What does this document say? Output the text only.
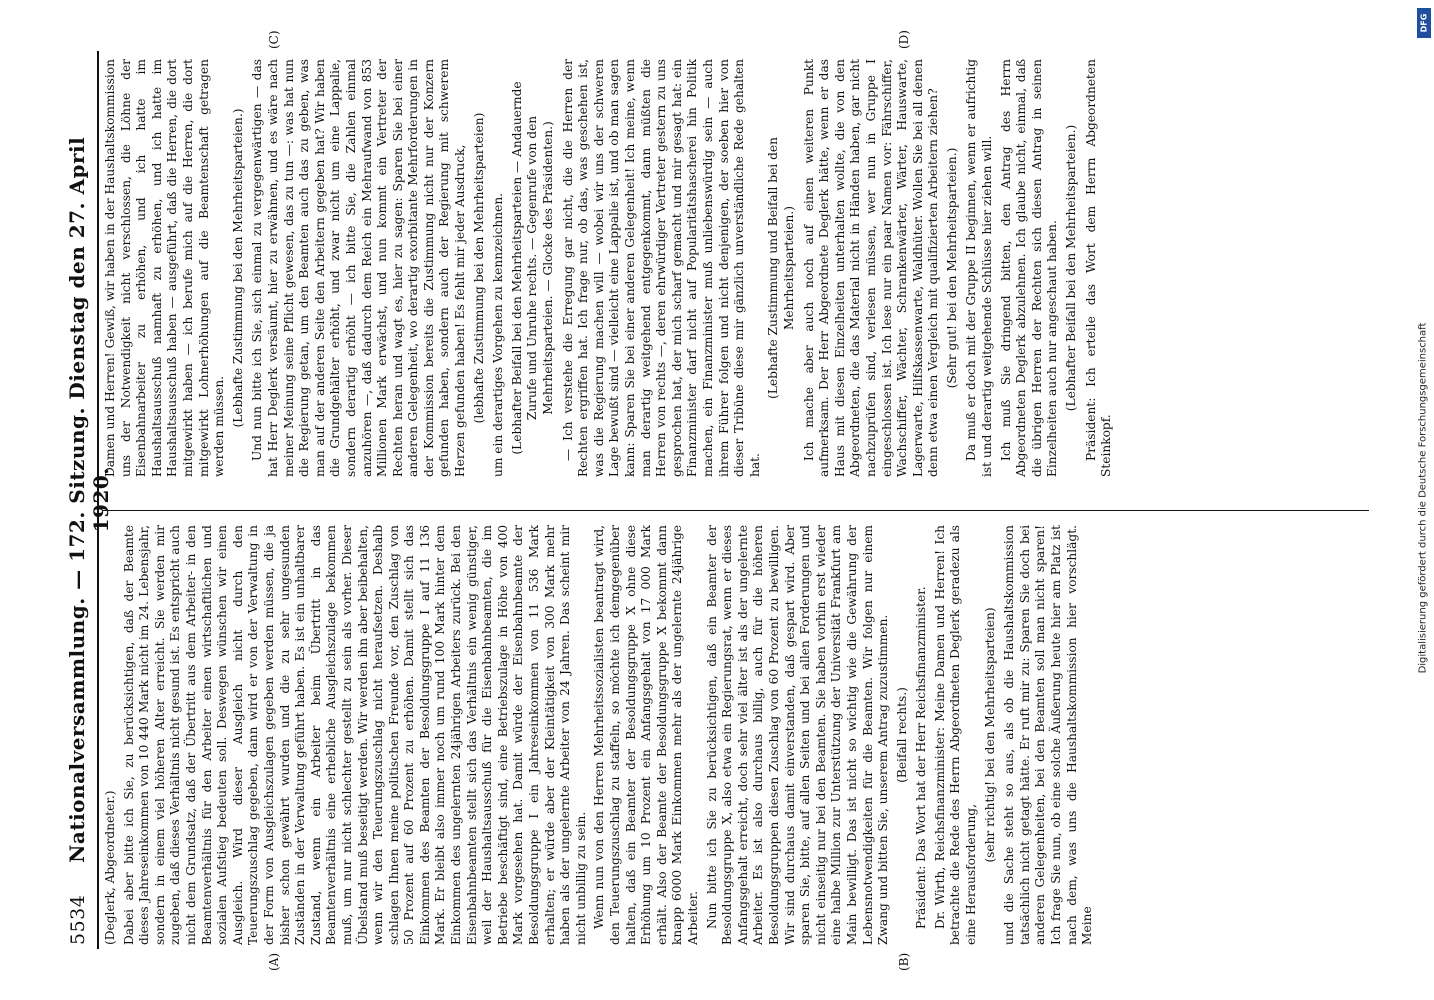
5534
Nationalversammlung. — 172. Sitzung. Dienstag den 27. April 1920.
(A)	(B)
(C)	(D)

(Deglerk, Abgeordneter.) Dabei aber bitte ich Sie, zu berücksichtigen, daß der Beamte dieses Jahreseinkommen von 10 440 Mark nicht im 24. Lebensjahr, sondern in einem viel höheren Alter erreicht. Sie werden mir zugeben, daß dieses Verhältnis nicht gesund ist. Es entspricht auch nicht dem Grundsatz, daß der Übertritt aus dem Arbeiter- in den Beamtenverhältnis für den Arbeiter einen wirtschaftlichen und sozialen Aufstieg bedeuten soll. Deswegen wünschen wir einen Ausgleich. Wird dieser Ausgleich nicht durch den Teuerungszuschlag gegeben, dann wird er von der Verwaltung in der Form von Ausgleichszulagen gegeben werden müssen, die ja bisher schon gewährt wurden und die zu sehr ungesunden Zuständen in der Verwaltung geführt haben. Es ist ein unhaltbarer Zustand, wenn ein Arbeiter beim Übertritt in das Beamtenverhältnis eine erhebliche Ausgleichszulage bekommen muß, um nur nicht schlechter gestellt zu sein als vorher. Dieser Übelstand muß beseitigt werden. Wir werden ihn aber beibehalten, wenn wir den Teuerungszuschlag nicht heraufsetzen. Deshalb schlagen Ihnen meine politischen Freunde vor, den Zuschlag von 50 Prozent auf 60 Prozent zu erhöhen. Damit stellt sich das Einkommen des Beamten der Besoldungsgruppe I auf 11 136 Mark. Er bleibt also immer noch um rund 100 Mark hinter dem Einkommen des ungelernten 24jährigen Arbeiters zurück. Bei den Eisenbahnbeamten stellt sich das Verhältnis ein wenig günstiger, weil der Haushaltsausschuß für die Eisenbahnbeamten, die im Betriebe beschäftigt sind, eine Betriebszulage in Höhe von 400 Mark vorgesehen hat. Damit würde der Eisenbahnbeamte der Besoldungsgruppe I ein Jahreseinkommen von 11 536 Mark erhalten; er würde aber der Kleintätigkeit von 300 Mark mehr haben als der ungelernte Arbeiter von 24 Jahren. Das scheint mir nicht unbillig zu sein. Wenn nun von den Herren Mehrheitssozialisten beantragt wird, den Teuerungszuschlag zu staffeln, so möchte ich demgegenüber halten, daß ein Beamter der Besoldungsgruppe X ohne diese Erhöhung um 10 Prozent ein Anfangsgehalt von 17 000 Mark erhält. Also der Beamte der Besoldungsgruppe X bekommt dann knapp 6000 Mark Einkommen mehr als der ungelernte 24jährige Arbeiter. Nun bitte ich Sie zu berücksichtigen, daß ein Beamter der Besoldungsgruppe X, also etwa ein Regierungsrat, wenn er dieses Anfangsgehalt erreicht, doch sehr viel älter ist als der ungelernte Arbeiter. Es ist also durchaus billig, auch für die höheren Besoldungsgruppen diesen Zuschlag von 60 Prozent zu bewilligen. Wir sind durchaus damit einverstanden, daß gespart wird. Aber sparen Sie, bitte, auf allen Seiten und bei allen Forderungen und nicht einseitig nur bei den Beamten. Sie haben vorhin erst wieder eine halbe Million zur Unterstützung der Universität Frankfurt am Main bewilligt. Das ist nicht so wichtig wie die Gewährung der Lebensnotwendigkeiten für die Beamten. Wir folgen nur einem Zwang und bitten Sie, unserem Antrag zuzustimmen. (Beifall rechts.) Präsident: Das Wort hat der Herr Reichsfinanzminister. Dr. Wirth, Reichsfinanzminister: Meine Damen und Herren! Ich betrachte die Rede des Herrn Abgeordneten Deglerk geradezu als eine Herausforderung,

(sehr richtig! bei den Mehrheitsparteien) und die Sache steht so aus, als ob die Haushaltskommission tatsächlich nicht getagt hätte. Er ruft mir zu: Sparen Sie doch bei anderen Gelegenheiten, bei den Beamten soll man nicht sparen! Ich frage Sie nun, ob eine solche Äußerung heute hier am Platz ist nach dem, was uns die Haushaltskommission hier vorschlägt. Meine

Damen und Herren! Gewiß, wir haben in der Haushaltskommission uns der Notwendigkeit nicht verschlossen, die Löhne der Eisenbahnarbeiter zu erhöhen, und ich hatte im Haushaltsausschuß namhaft zu erhöhen, und ich hatte im Haushaltsausschuß haben — ausgeführt, daß die Herren, die dort mitgewirkt haben — ich berufe mich auf die Herren, die dort mitgewirkt Lohnerhöhungen auf die Beamtenschaft getragen werden müssen. (Lebhafte Zustimmung bei den Mehrheitsparteien.) Und nun bitte ich Sie, sich einmal zu vergegenwärtigen — das hat Herr Deglerk versäumt, hier zu erwähnen, und es wäre nach meiner Meinung seine Pflicht gewesen, das zu tun —: was hat nun die Regierung getan, um den Beamten auch das zu geben, was man auf der anderen Seite den Arbeitern gegeben hat? Wir haben die Grundgehälter erhöht, und zwar nicht um eine Lappalie, sondern derartig erhöht — ich bitte Sie, die Zahlen einmal anzuhören —, daß dadurch dem Reich ein Mehraufwand von 853 Millionen Mark erwächst, und nun kommt ein Vertreter der Rechten heran und wagt es, hier zu sagen: Sparen Sie bei einer anderen Gelegenheit, wo derartig exorbitante Mehrforderungen in der Kommission bereits die Zustimmung nicht nur der Konzern gefunden haben, sondern auch der Regierung mit schwerem Herzen gefunden haben! Es fehlt mir jeder Ausdruck, (lebhafte Zustimmung bei den Mehrheitsparteien) um ein derartiges Vorgehen zu kennzeichnen. (Lebhafter Beifall bei den Mehrheitsparteien — Andauernde Zurufe und Unruhe rechts. — Gegenrufe von den Mehrheitsparteien. — Glocke des Präsidenten.) — Ich verstehe die Erregung gar nicht, die die Herren der Rechten ergriffen hat. Ich frage nur, ob das, was geschehen ist, was die Regierung machen will — wobei wir uns der schweren Lage bewußt sind — vielleicht eine Lappalie ist, und ob man sagen kann: Sparen Sie bei einer anderen Gelegenheit! Ich meine, wenn man derartig weitgehend entgegenkommt, dann müßten die Herren von rechts —, deren ehrwürdiger Vertreter gestern zu uns gesprochen hat, der mich scharf gemacht und mir gesagt hat: ein Finanzminister darf nicht auf Popularitätshascherei hin Politik machen, ein Finanzminister muß unliebenswürdig sein — auch ihrem Führer folgen und nicht denjenigen, der soeben hier von dieser Tribüne diese mir gänzlich unverständliche Rede gehalten hat.

(Lebhafte Zustimmung und Beifall bei den Mehrheitsparteien.) Ich mache aber auch noch auf einen weiteren Punkt aufmerksam. Der Herr Abgeordnete Deglerk hätte, wenn er das Haus mit diesen Einzelheiten unterhalten wollte, die von den Abgeordneten, die das Material nicht in Händen haben, gar nicht nachzuprüfen sind, verlesen müssen, wer nun in Gruppe I eingeschlossen ist. Ich lese nur ein paar Namen vor: Fährschiffer, Wachschiffer, Wächter, Schrankenwärter, Wärter, Hauswarte, Lagerwarte, Hilfskassenwarte, Waldhüter. Wollen Sie bei all denen denn etwa einen Vergleich mit qualifizierten Arbeitern ziehen? (Sehr gut! bei den Mehrheitsparteien.) Da muß er doch mit der Gruppe II beginnen, wenn er aufrichtig ist und derartig weitgehende Schlüsse hier ziehen will. Ich muß Sie dringend bitten, den Antrag des Herrn Abgeordneten Deglerk abzulehnen. Ich glaube nicht, einmal, daß die übrigen Herren der Rechten sich diesen Antrag in seinen Einzelheiten auch nur angeschaut haben. (Lebhafter Beifall bei den Mehrheitsparteien.) Präsident: Ich erteile das Wort dem Herrn Abgeordneten Steinkopf.	Digitalisierung gefördert durch die Deutsche Forschungsgemeinschaft
DFG
